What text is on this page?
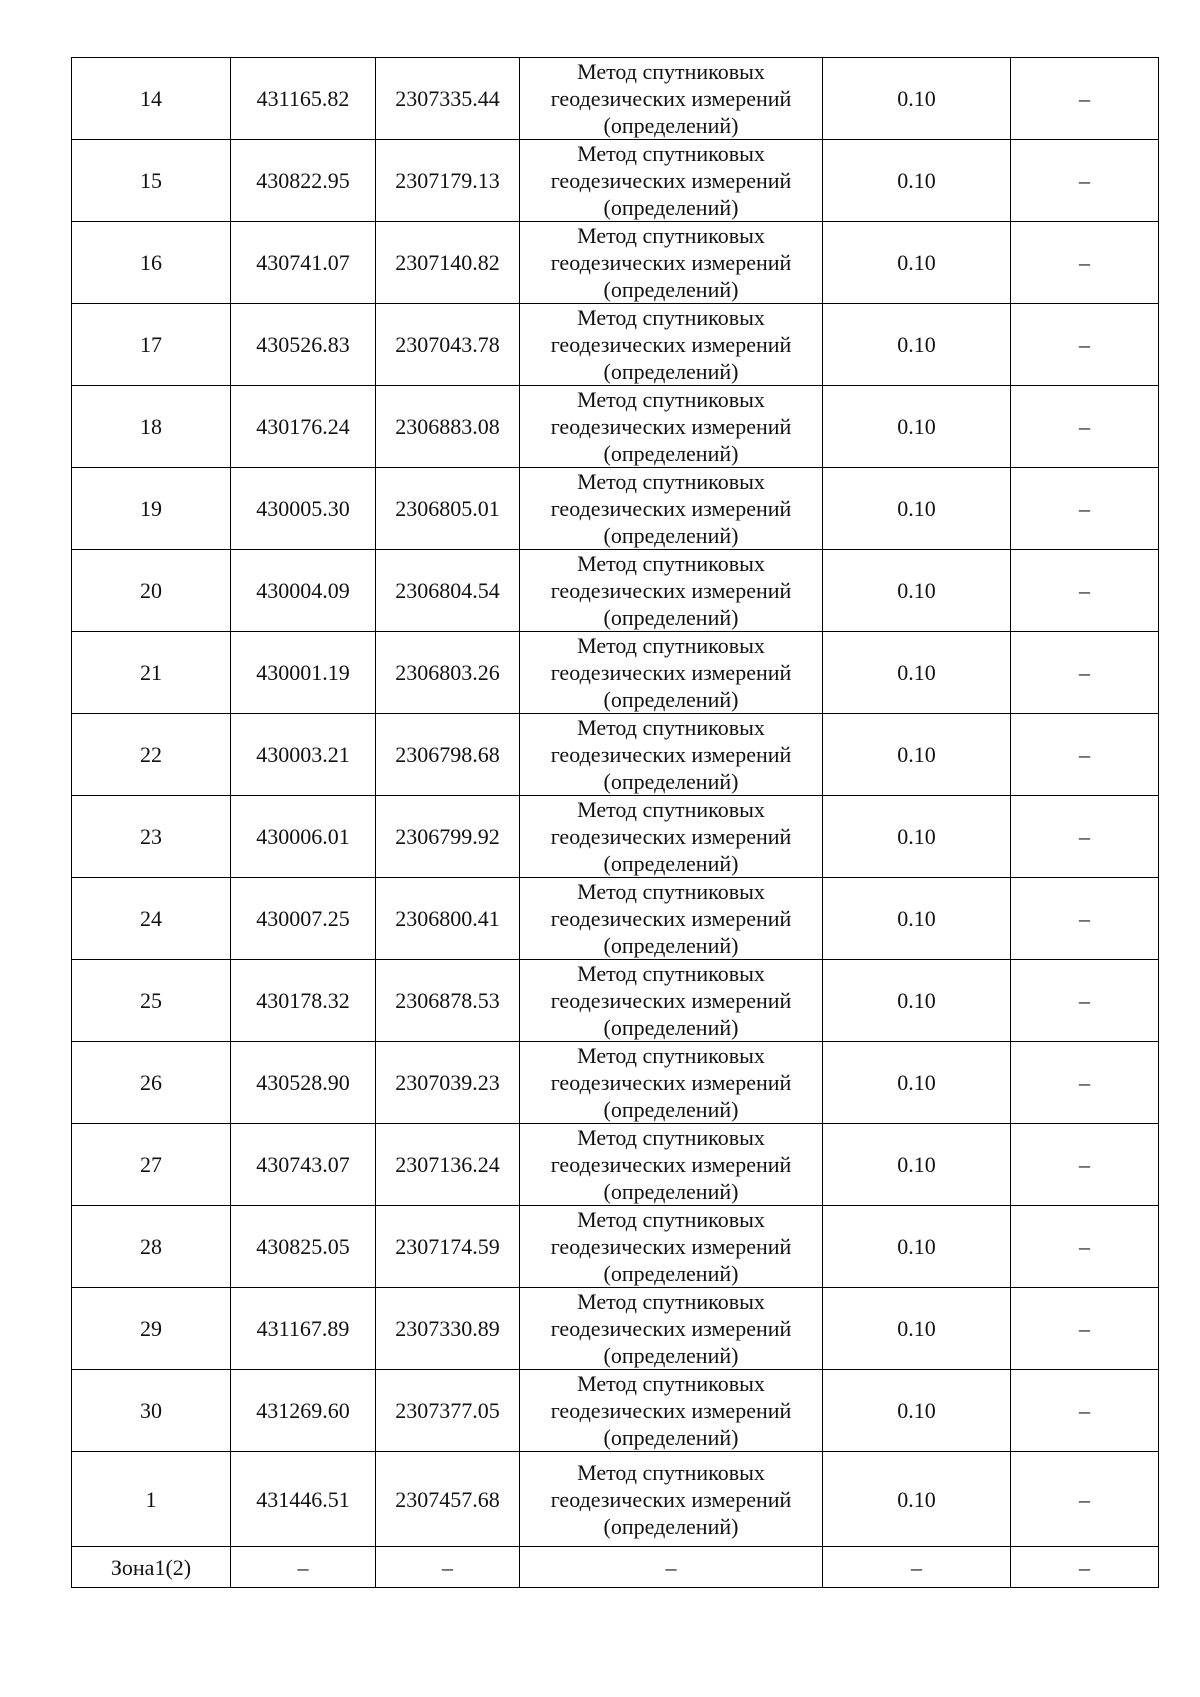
14	431165.82	2307335.44	Метод спутниковых
геодезических измерений
(определений)	0.10	–
15	430822.95	2307179.13	Метод спутниковых
геодезических измерений
(определений)	0.10	–
16	430741.07	2307140.82	Метод спутниковых
геодезических измерений
(определений)	0.10	–
17	430526.83	2307043.78	Метод спутниковых
геодезических измерений
(определений)	0.10	–
18	430176.24	2306883.08	Метод спутниковых
геодезических измерений
(определений)	0.10	–
19	430005.30	2306805.01	Метод спутниковых
геодезических измерений
(определений)	0.10	–
20	430004.09	2306804.54	Метод спутниковых
геодезических измерений
(определений)	0.10	–
21	430001.19	2306803.26	Метод спутниковых
геодезических измерений
(определений)	0.10	–
22	430003.21	2306798.68	Метод спутниковых
геодезических измерений
(определений)	0.10	–
23	430006.01	2306799.92	Метод спутниковых
геодезических измерений
(определений)	0.10	–
24	430007.25	2306800.41	Метод спутниковых
геодезических измерений
(определений)	0.10	–
25	430178.32	2306878.53	Метод спутниковых
геодезических измерений
(определений)	0.10	–
26	430528.90	2307039.23	Метод спутниковых
геодезических измерений
(определений)	0.10	–
27	430743.07	2307136.24	Метод спутниковых
геодезических измерений
(определений)	0.10	–
28	430825.05	2307174.59	Метод спутниковых
геодезических измерений
(определений)	0.10	–
29	431167.89	2307330.89	Метод спутниковых
геодезических измерений
(определений)	0.10	–
30	431269.60	2307377.05	Метод спутниковых
геодезических измерений
(определений)	0.10	–
1	431446.51	2307457.68	Метод спутниковых
геодезических измерений
(определений)	0.10	–
Зона1(2)	–	–	–	–	–
